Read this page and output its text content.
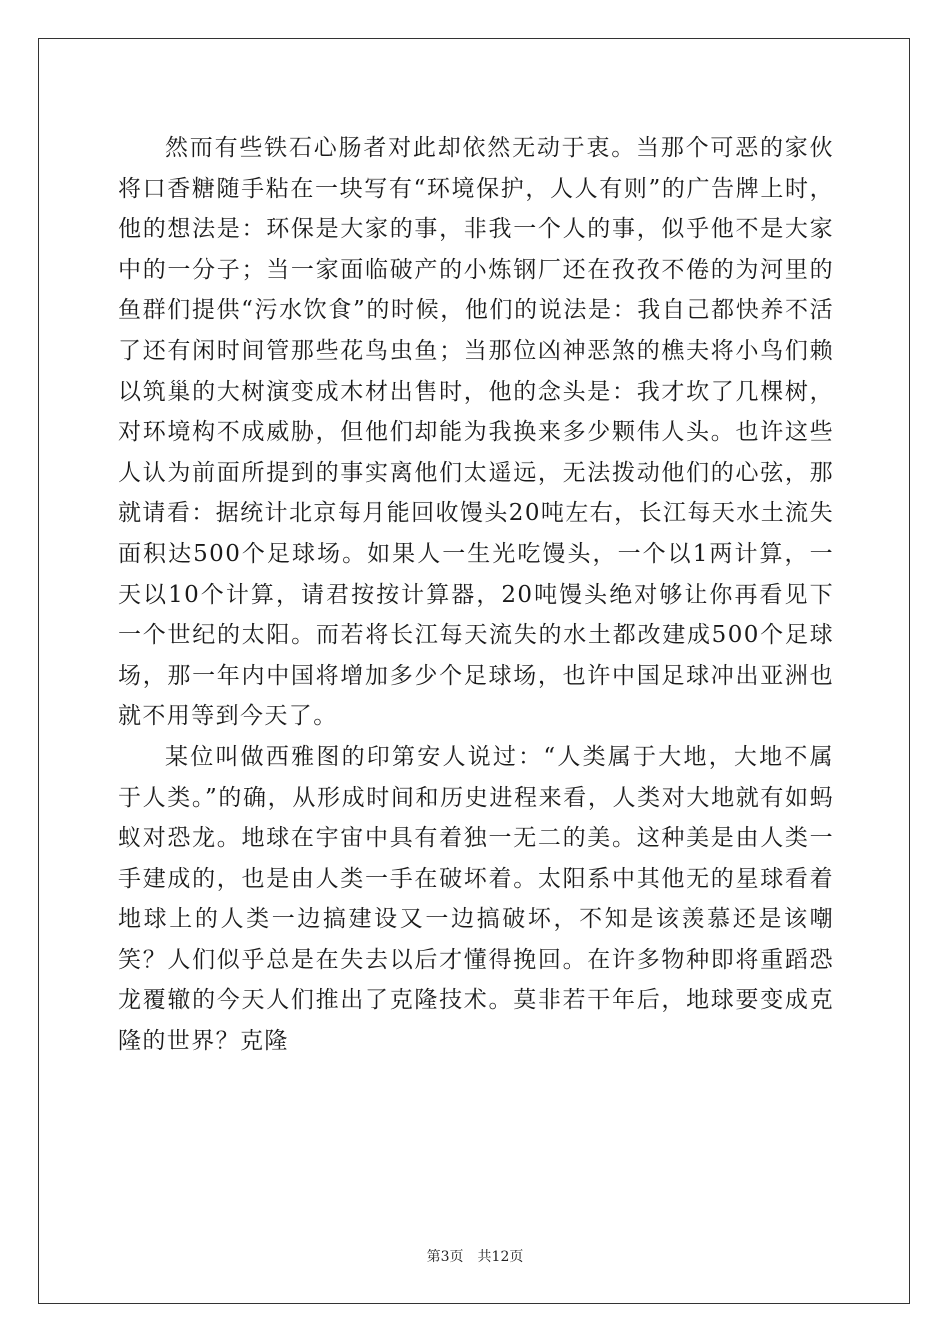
然而有些铁石心肠者对此却依然无动于衷。当那个可恶的家伙将口香糖随手粘在一块写有“环境保护，人人有则”的广告牌上时，他的想法是：环保是大家的事，非我一个人的事，似乎他不是大家中的一分子；当一家面临破产的小炼钢厂还在孜孜不倦的为河里的鱼群们提供“污水饮食”的时候，他们的说法是：我自己都快养不活了还有闲时间管那些花鸟虫鱼；当那位凶神恶煞的樵夫将小鸟们赖以筑巢的大树演变成木材出售时，他的念头是：我才坎了几棵树，对环境构不成威胁，但他们却能为我换来多少颗伟人头。也许这些人认为前面所提到的事实离他们太遥远，无法拨动他们的心弦，那就请看：据统计北京每月能回收馒头20吨左右，长江每天水土流失面积达500个足球场。如果人一生光吃馒头，一个以1两计算，一天以10个计算，请君按按计算器，20吨馒头绝对够让你再看见下一个世纪的太阳。而若将长江每天流失的水土都改建成500个足球场，那一年内中国将增加多少个足球场，也许中国足球冲出亚洲也就不用等到今天了。

某位叫做西雅图的印第安人说过：“人类属于大地，大地不属于人类。”的确，从形成时间和历史进程来看，人类对大地就有如蚂蚁对恐龙。地球在宇宙中具有着独一无二的美。这种美是由人类一手建成的，也是由人类一手在破坏着。太阳系中其他无的星球看着地球上的人类一边搞建设又一边搞破坏，不知是该羡慕还是该嘲笑？人们似乎总是在失去以后才懂得挽回。在许多物种即将重蹈恐龙覆辙的今天人们推出了克隆技术。莫非若干年后，地球要变成克隆的世界？克隆

第3页 共12页
